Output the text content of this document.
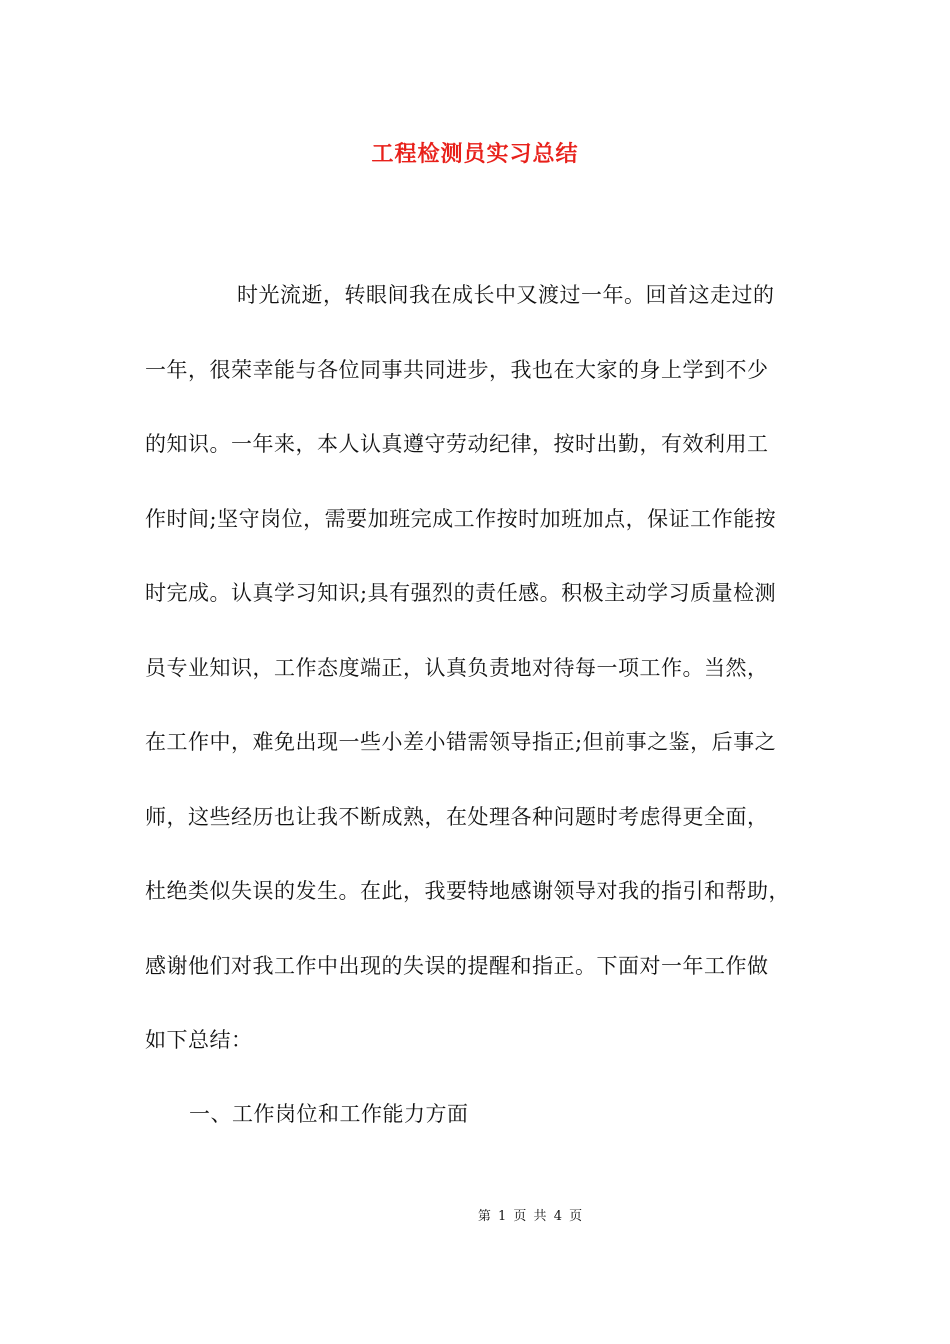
工程检测员实习总结
时光流逝，转眼间我在成长中又渡过一年。回首这走过的
一年，很荣幸能与各位同事共同进步，我也在大家的身上学到不少
的知识。一年来，本人认真遵守劳动纪律，按时出勤，有效利用工
作时间;坚守岗位，需要加班完成工作按时加班加点，保证工作能按
时完成。认真学习知识;具有强烈的责任感。积极主动学习质量检测
员专业知识，工作态度端正，认真负责地对待每一项工作。当然，
在工作中，难免出现一些小差小错需领导指正;但前事之鉴，后事之
师，这些经历也让我不断成熟，在处理各种问题时考虑得更全面，
杜绝类似失误的发生。在此，我要特地感谢领导对我的指引和帮助，
感谢他们对我工作中出现的失误的提醒和指正。下面对一年工作做
如下总结：
一、工作岗位和工作能力方面
第 1 页 共 4 页
